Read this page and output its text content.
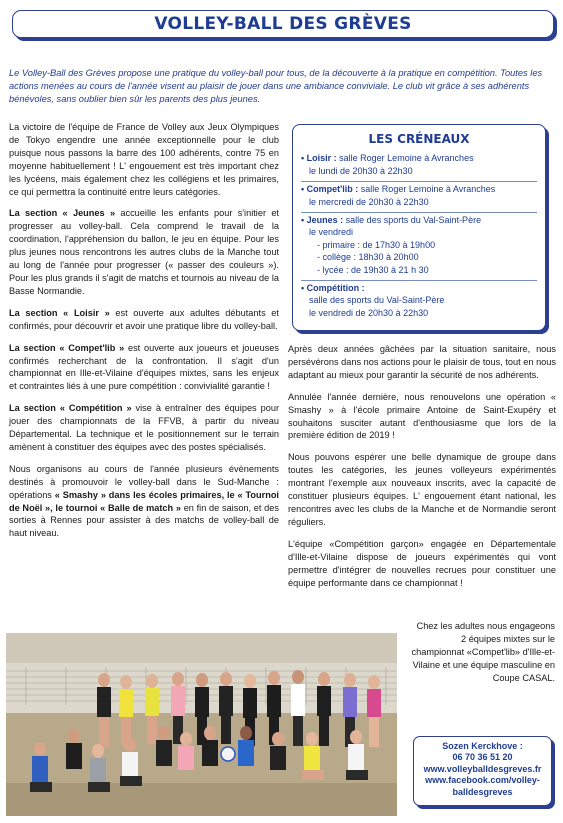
VOLLEY-BALL DES GRÈVES

Le Volley-Ball des Grèves propose une pratique du volley-ball pour tous, de la découverte à la pratique en compétition. Toutes les actions menées au cours de l'année visent au plaisir de jouer dans une ambiance conviviale. Le club vit grâce à ses adhérents bénévoles, sans oublier bien sûr les parents des plus jeunes.

La victoire de l'équipe de France de Volley aux Jeux Olympiques de Tokyo engendre une année exceptionnelle pour le club puisque nous passons la barre des 100 adhérents, contre 75 en moyenne habituellement ! L' engouement est très important chez les lycéens, mais également chez les collégiens et les primaires, ce qui permettra la continuité entre leurs catégories.

La section « Jeunes » accueille les enfants pour s'initier et progresser au volley-ball. Cela comprend le travail de la coordination, l'appréhension du ballon, le jeu en équipe. Pour les plus jeunes nous rencontrons les autres clubs de la Manche tout au long de l'année pour progresser (« passer des couleurs »). Pour les plus grands il s'agit de matchs et tournois au niveau de la Basse Normandie.

La section « Loisir » est ouverte aux adultes débutants et confirmés, pour découvrir et avoir une pratique libre du volley-ball.

La section « Compet'lib » est ouverte aux joueurs et joueuses confirmés recherchant de la confrontation. Il s'agit d'un championnat en Ille-et-Vilaine d'équipes mixtes, sans les enjeux et contraintes liés à une pure compétition : convivialité garantie !

La section « Compétition » vise à entraîner des équipes pour jouer des championnats de la FFVB, à partir du niveau Départemental. La technique et le positionnement sur le terrain amènent à constituer des équipes avec des postes spécialisés.

Nous organisons au cours de l'année plusieurs évènements destinés à promouvoir le volley-ball dans le Sud-Manche : opérations « Smashy » dans les écoles primaires, le « Tournoi de Noël », le tournoi « Balle de match » en fin de saison, et des sorties à Rennes pour assister à des matchs de volley-ball de haut niveau.

LES CRÉNEAUX
• Loisir : salle Roger Lemoine à Avranches
le lundi de 20h30 à 22h30
• Compet'lib : salle Roger Lemoine à Avranches
le mercredi de 20h30 à 22h30
• Jeunes : salle des sports du Val-Saint-Père
le vendredi
- primaire : de 17h30 à 19h00
- collège : 18h30 à 20h00
- lycée : de 19h30 à 21 h 30
• Compétition :
salle des sports du Val-Saint-Père
le vendredi de 20h30 à 22h30

Après deux années gâchées par la situation sanitaire, nous persévérons dans nos actions pour le plaisir de tous, tout en nous adaptant au mieux pour garantir la sécurité de nos adhérents.

Annulée l'année dernière, nous renouvelons une opération « Smashy » à l'école primaire Antoine de Saint-Exupéry et souhaitons susciter autant d'enthousiasme que lors de la première édition de 2019 !

Nous pouvons espérer une belle dynamique de groupe dans toutes les catégories, les jeunes volleyeurs expérimentés montrant l'exemple aux nouveaux inscrits, avec la capacité de constituer plusieurs équipes. L' engouement étant national, les rencontres avec les clubs de la Manche et de Normandie seront réguliers.

L'équipe «Compétition garçon» engagée en Départementale d'Ille-et-Vilaine dispose de joueurs expérimentés qui vont permettre d'intégrer de nouvelles recrues pour constituer une équipe performante dans ce championnat !

Chez les adultes nous engageons 2 équipes mixtes sur le championnat «Compet'lib» d'Ille-et-Vilaine et une équipe masculine en Coupe CASAL.

Sozen Kerckhove :
06 70 36 51 20
www.volleyballdesgreves.fr
www.facebook.com/volley-
balldesgreves
